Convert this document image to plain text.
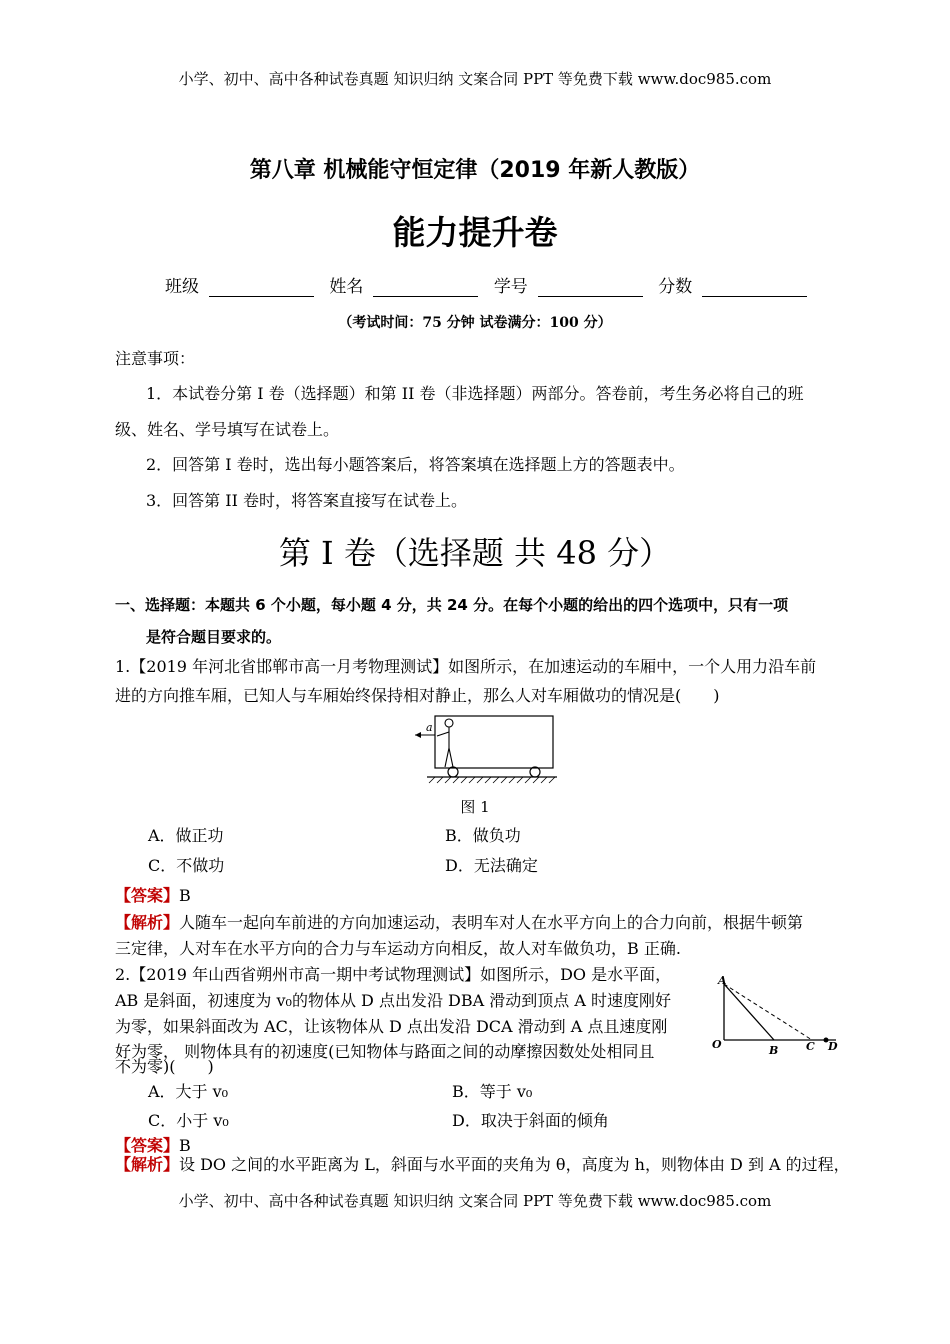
小学、初中、高中各种试卷真题 知识归纳 文案合同 PPT 等免费下载 www.doc985.com
第八章 机械能守恒定律（2019 年新人教版）
能力提升卷
班级	姓名	学号	分数
（考试时间：75 分钟 试卷满分：100 分）
注意事项：
1．本试卷分第 I 卷（选择题）和第 II 卷（非选择题）两部分。答卷前，考生务必将自己的班
级、姓名、学号填写在试卷上。
2．回答第 I 卷时，选出每小题答案后，将答案填在选择题上方的答题表中。
3．回答第 II 卷时，将答案直接写在试卷上。
第 I 卷（选择题 共 48 分）
一、选择题：本题共 6 个小题，每小题 4 分，共 24 分。在每个小题的给出的四个选项中，只有一项
是符合题目要求的。
1.【2019 年河北省邯郸市高一月考物理测试】如图所示，在加速运动的车厢中，一个人用力沿车前
进的方向推车厢，已知人与车厢始终保持相对静止，那么人对车厢做功的情况是(　　)
a
图 1
A．做正功	B．做负功
C．不做功	D．无法确定
【答案】B
【解析】人随车一起向车前进的方向加速运动，表明车对人在水平方向上的合力向前，根据牛顿第
三定律，人对车在水平方向的合力与车运动方向相反，故人对车做负功，B 正确.
2.【2019 年山西省朔州市高一期中考试物理测试】如图所示，DO 是水平面，
AB 是斜面，初速度为 v₀的物体从 D 点出发沿 DBA 滑动到顶点 A 时速度刚好
为零，如果斜面改为 AC，让该物体从 D 点出发沿 DCA 滑动到 A 点且速度刚
好为零， 则物体具有的初速度(已知物体与路面之间的动摩擦因数处处相同且
不为零)(　　)
A
O	B	C D
A．大于 v₀	B．等于 v₀
C．小于 v₀	D．取决于斜面的倾角
【答案】B
【解析】设 DO 之间的水平距离为 L，斜面与水平面的夹角为 θ，高度为 h，则物体由 D 到 A 的过程，
小学、初中、高中各种试卷真题 知识归纳 文案合同 PPT 等免费下载 www.doc985.com
